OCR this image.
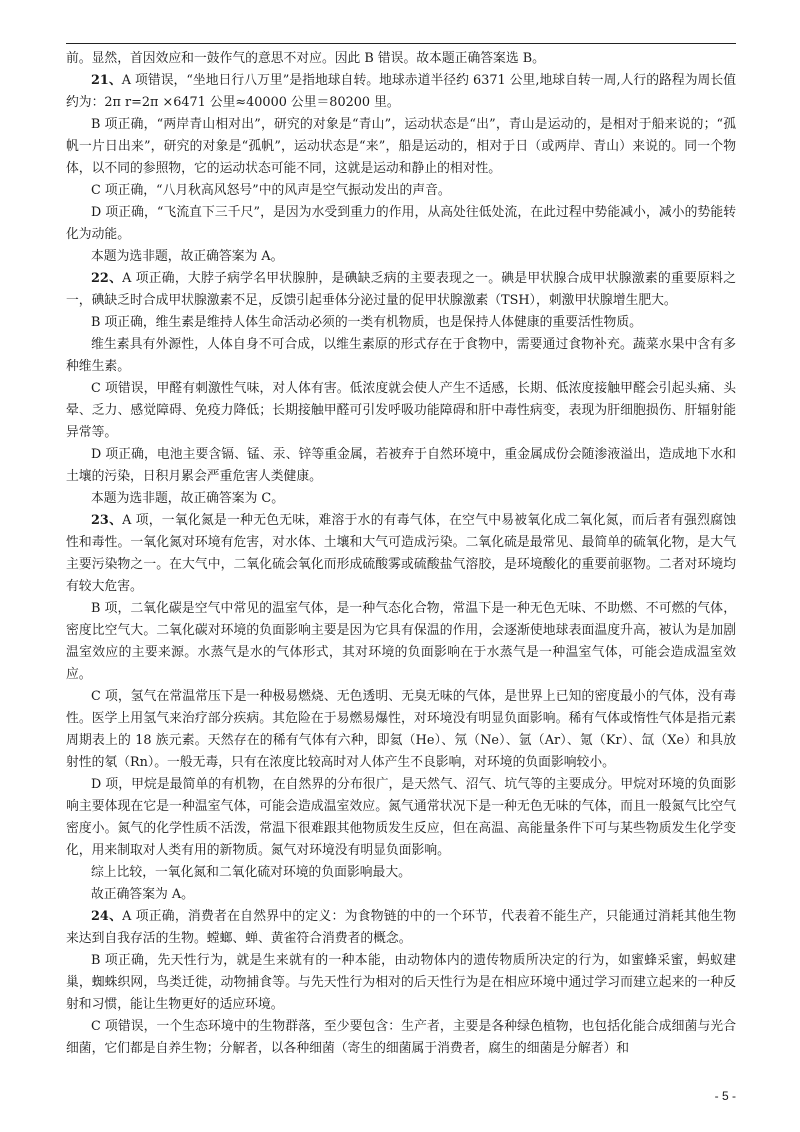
前。显然，首因效应和一鼓作气的意思不对应。因此 B 错误。故本题正确答案选 B。

21、A 项错误，“坐地日行八万里”是指地球自转。地球赤道半径约 6371 公里,地球自转一周,人行的路程为周长值约为：2π r=2π ×6471 公里≈40000 公里＝80200 里。

B 项正确，“两岸青山相对出”，研究的对象是“青山”，运动状态是“出”，青山是运动的，是相对于船来说的；“孤帆一片日出来”，研究的对象是“孤帆”，运动状态是“来”，船是运动的，相对于日（或两岸、青山）来说的。同一个物体，以不同的参照物，它的运动状态可能不同，这就是运动和静止的相对性。

C 项正确，“八月秋高风怒号”中的风声是空气振动发出的声音。

D 项正确，“飞流直下三千尺”，是因为水受到重力的作用，从高处往低处流，在此过程中势能减小，减小的势能转化为动能。

本题为选非题，故正确答案为 A。

22、A 项正确，大脖子病学名甲状腺肿，是碘缺乏病的主要表现之一。碘是甲状腺合成甲状腺激素的重要原料之一，碘缺乏时合成甲状腺激素不足，反馈引起垂体分泌过量的促甲状腺激素（TSH），刺激甲状腺增生肥大。

B 项正确，维生素是维持人体生命活动必须的一类有机物质，也是保持人体健康的重要活性物质。

维生素具有外源性，人体自身不可合成，以维生素原的形式存在于食物中，需要通过食物补充。蔬菜水果中含有多种维生素。

C 项错误，甲醛有刺激性气味，对人体有害。低浓度就会使人产生不适感，长期、低浓度接触甲醛会引起头痛、头晕、乏力、感觉障碍、免疫力降低；长期接触甲醛可引发呼吸功能障碍和肝中毒性病变，表现为肝细胞损伤、肝辐射能异常等。

D 项正确，电池主要含镉、锰、汞、锌等重金属，若被弃于自然环境中，重金属成份会随渗液溢出，造成地下水和土壤的污染，日积月累会严重危害人类健康。

本题为选非题，故正确答案为 C。

23、A 项，一氧化氮是一种无色无味，难溶于水的有毒气体，在空气中易被氧化成二氧化氮，而后者有强烈腐蚀性和毒性。一氧化氮对环境有危害，对水体、土壤和大气可造成污染。二氧化硫是最常见、最简单的硫氧化物，是大气主要污染物之一。在大气中，二氧化硫会氧化而形成硫酸雾或硫酸盐气溶胶，是环境酸化的重要前驱物。二者对环境均有较大危害。

B 项，二氧化碳是空气中常见的温室气体，是一种气态化合物，常温下是一种无色无味、不助燃、不可燃的气体，密度比空气大。二氧化碳对环境的负面影响主要是因为它具有保温的作用，会逐渐使地球表面温度升高，被认为是加剧温室效应的主要来源。水蒸气是水的气体形式，其对环境的负面影响在于水蒸气是一种温室气体，可能会造成温室效应。

C 项，氢气在常温常压下是一种极易燃烧、无色透明、无臭无味的气体，是世界上已知的密度最小的气体，没有毒性。医学上用氢气来治疗部分疾病。其危险在于易燃易爆性，对环境没有明显负面影响。稀有气体或惰性气体是指元素周期表上的 18 族元素。天然存在的稀有气体有六种，即氦（He）、氖（Ne）、氩（Ar）、氪（Kr）、氙（Xe）和具放射性的氡（Rn）。一般无毒，只有在浓度比较高时对人体产生不良影响，对环境的负面影响较小。

D 项，甲烷是最简单的有机物，在自然界的分布很广，是天然气、沼气、坑气等的主要成分。甲烷对环境的负面影响主要体现在它是一种温室气体，可能会造成温室效应。氮气通常状况下是一种无色无味的气体，而且一般氮气比空气密度小。氮气的化学性质不活泼，常温下很难跟其他物质发生反应，但在高温、高能量条件下可与某些物质发生化学变化，用来制取对人类有用的新物质。氮气对环境没有明显负面影响。

综上比较，一氧化氮和二氧化硫对环境的负面影响最大。

故正确答案为 A。

24、A 项正确，消费者在自然界中的定义：为食物链的中的一个环节，代表着不能生产，只能通过消耗其他生物来达到自我存活的生物。螳螂、蝉、黄雀符合消费者的概念。

B 项正确，先天性行为，就是生来就有的一种本能，由动物体内的遗传物质所决定的行为，如蜜蜂采蜜，蚂蚁建巢，蜘蛛织网，鸟类迁徙，动物捕食等。与先天性行为相对的后天性行为是在相应环境中通过学习而建立起来的一种反射和习惯，能让生物更好的适应环境。

C 项错误，一个生态环境中的生物群落，至少要包含：生产者，主要是各种绿色植物，也包括化能合成细菌与光合细菌，它们都是自养生物；分解者，以各种细菌（寄生的细菌属于消费者，腐生的细菌是分解者）和

- 5 -
